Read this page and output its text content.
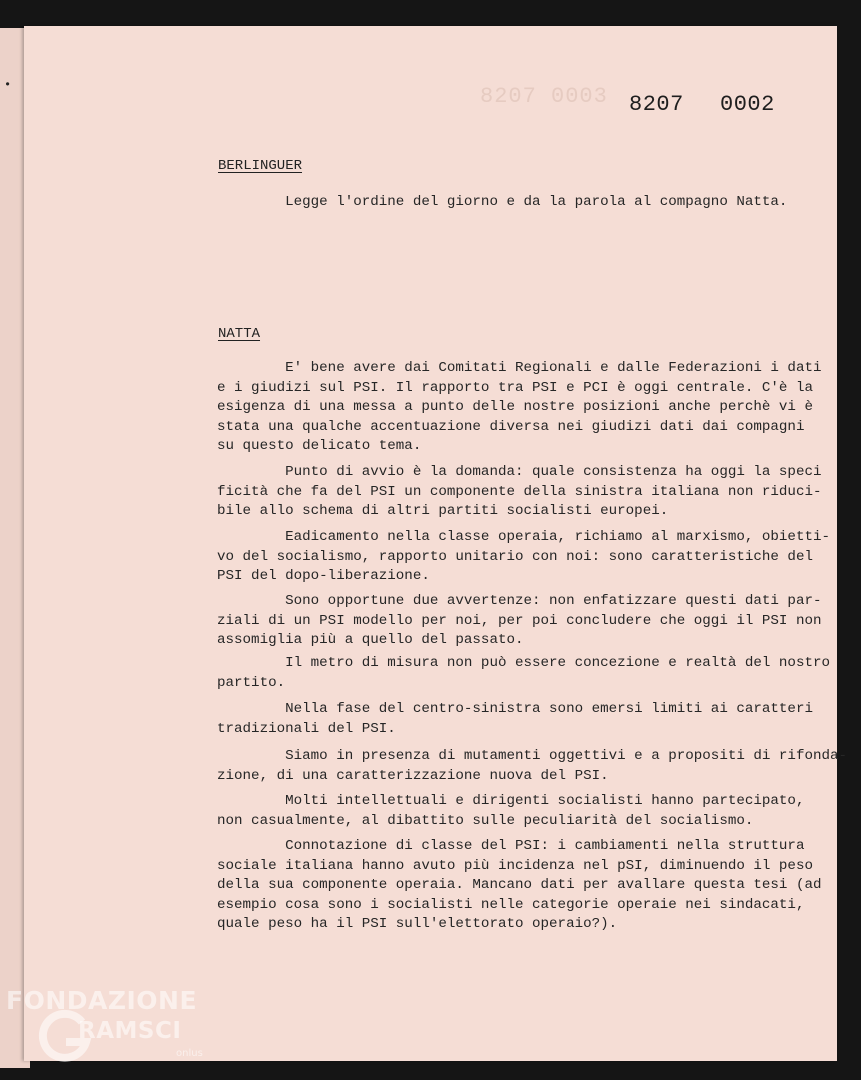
•	8207 0003 8207 0002
BERLINGUER

Legge l'ordine del giorno e da la parola al compagno Natta.

NATTA

E' bene avere dai Comitati Regionali e dalle Federazioni i dati
e i giudizi sul PSI. Il rapporto tra PSI e PCI è oggi centrale. C'è la
esigenza di una messa a punto delle nostre posizioni anche perchè vi è
stata una qualche accentuazione diversa nei giudizi dati dai compagni
su questo delicato tema.

Punto di avvio è la domanda: quale consistenza ha oggi la speci
ficità che fa del PSI un componente della sinistra italiana non riduci-
bile allo schema di altri partiti socialisti europei.

Eadicamento nella classe operaia, richiamo al marxismo, obietti-
vo del socialismo, rapporto unitario con noi: sono caratteristiche del
PSI del dopo-liberazione.

Sono opportune due avvertenze: non enfatizzare questi dati par-
ziali di un PSI modello per noi, per poi concludere che oggi il PSI non
assomiglia più a quello del passato.

Il metro di misura non può essere concezione e realtà del nostro
partito.

Nella fase del centro-sinistra sono emersi limiti ai caratteri
tradizionali del PSI.

Siamo in presenza di mutamenti oggettivi e a propositi di rifonda-
zione, di una caratterizzazione nuova del PSI.

Molti intellettuali e dirigenti socialisti hanno partecipato,
non casualmente, al dibattito sulle peculiarità del socialismo.

Connotazione di classe del PSI: i cambiamenti nella struttura
sociale italiana hanno avuto più incidenza nel pSI, diminuendo il peso
della sua componente operaia. Mancano dati per avallare questa tesi (ad
esempio cosa sono i socialisti nelle categorie operaie nei sindacati,
quale peso ha il PSI sull'elettorato operaio?).

FONDAZIONE
RAMSCI
onlus
